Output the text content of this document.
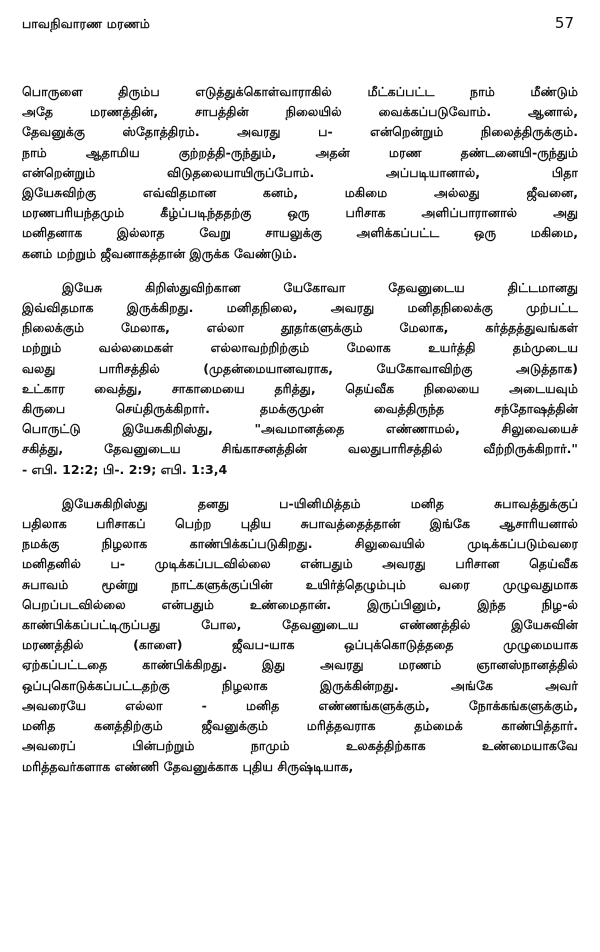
பாவநிவாரண மரணம்	57
பொருளை திரும்ப எடுத்துக்கொள்வாராகில் மீட்கப்பட்ட நாம் மீண்டும்
அதே மரணத்தின், சாபத்தின் நிலையில் வைக்கப்படுவோம். ஆனால்,
தேவனுக்கு ஸ்தோத்திரம். அவரது ப- என்றென்றும் நிலைத்திருக்கும்.
நாம் ஆதாமிய குற்றத்தி-ருந்தும், அதன் மரண தண்டனையி-ருந்தும்
என்றென்றும் விடுதலையாயிருப்போம். அப்படியானால், பிதா
இயேசுவிற்கு எவ்விதமான கனம், மகிமை அல்லது ஜீவனை,
மரணபரியந்தமும் கீழ்ப்படிந்ததற்கு ஒரு பரிசாக அளிப்பாரானால் அது
மனிதனாக இல்லாத வேறு சாயலுக்கு அளிக்கப்பட்ட ஒரு மகிமை,
கனம் மற்றும் ஜீவனாகத்தான் இருக்க வேண்டும்.
இயேசு கிறிஸ்துவிற்கான யேகோவா தேவனுடைய திட்டமானது
இவ்விதமாக இருக்கிறது. மனிதநிலை, அவரது மனிதநிலைக்கு முற்பட்ட
நிலைக்கும் மேலாக, எல்லா தூதர்களுக்கும் மேலாக, கர்த்தத்துவங்கள்
மற்றும் வல்லமைகள் எல்லாவற்றிற்கும் மேலாக உயர்த்தி தம்முடைய
வலது பாரிசத்தில் (முதன்மையானவராக, யேகோவாவிற்கு அடுத்தாக)
உட்கார வைத்து, சாகாமையை தரித்து, தெய்வீக நிலையை அடையவும்
கிருபை செய்திருக்கிறார். தமக்குமுன் வைத்திருந்த சந்தோஷத்தின்
பொருட்டு இயேசுகிறிஸ்து, "அவமானத்தை எண்ணாமல், சிலுவையைச்
சகித்து, தேவனுடைய சிங்காசனத்தின் வலதுபாரிசத்தில் வீற்றிருக்கிறார்."
- எபி. 12:2; பி-. 2:9; எபி. 1:3,4
இயேசுகிறிஸ்து தனது ப-யினிமித்தம் மனித சுபாவத்துக்குப்
பதிலாக பரிசாகப் பெற்ற புதிய சுபாவத்தைத்தான் இங்கே ஆசாரியனால்
நமக்கு நிழலாக காண்பிக்கப்படுகிறது. சிலுவையில் முடிக்கப்படும்வரை
மனிதனில் ப- முடிக்கப்படவில்லை என்பதும் அவரது பரிசான தெய்வீக
சுபாவம் மூன்று நாட்களுக்குப்பின் உயிர்த்தெழும்பும் வரை முழுவதுமாக
பெறப்படவில்லை என்பதும் உண்மைதான். இருப்பினும், இந்த நிழ-ல்
காண்பிக்கப்பட்டிருப்பது போல, தேவனுடைய எண்ணத்தில் இயேசுவின்
மரணத்தில் (காளை) ஜீவப-யாக ஒப்புக்கொடுத்ததை முழுமையாக
ஏற்கப்பட்டதை காண்பிக்கிறது. இது அவரது மரணம் ஞானஸ்நானத்தில்
ஒப்புகொடுக்கப்பட்டதற்கு நிழலாக இருக்கின்றது. அங்கே அவர்
அவரையே எல்லா - மனித எண்ணங்களுக்கும், நோக்கங்களுக்கும்,
மனித கனத்திற்கும் ஜீவனுக்கும் மரித்தவராக தம்மைக் காண்பித்தார்.
அவரைப் பின்பற்றும் நாமும் உலகத்திற்காக உண்மையாகவே
மரித்தவர்களாக எண்ணி தேவனுக்காக புதிய சிருஷ்டியாக,
